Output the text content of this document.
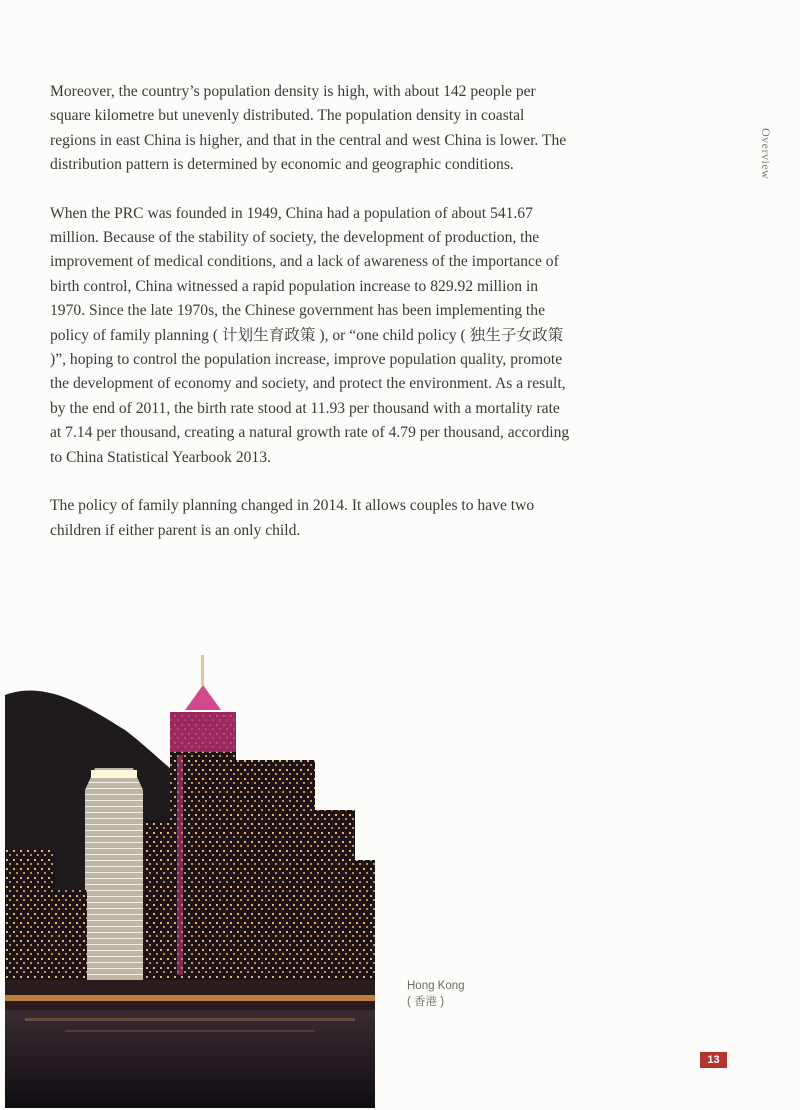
Overview

Moreover, the country’s population density is high, with about 142 people per square kilometre but unevenly distributed. The population density in coastal regions in east China is higher, and that in the central and west China is lower. The distribution pattern is determined by economic and geographic conditions.

When the PRC was founded in 1949, China had a population of about 541.67 million. Because of the stability of society, the development of production, the improvement of medical conditions, and a lack of awareness of the importance of birth control, China witnessed a rapid population increase to 829.92 million in 1970. Since the late 1970s, the Chinese government has been implementing the policy of family planning ( 计划生育政策 ), or “one child policy ( 独生子女政策 )”, hoping to control the population increase, improve population quality, promote the development of economy and society, and protect the environment. As a result, by the end of 2011, the birth rate stood at 11.93 per thousand with a mortality rate at 7.14 per thousand, creating a natural growth rate of 4.79 per thousand, according to China Statistical Yearbook 2013.

The policy of family planning changed in 2014. It allows couples to have two children if either parent is an only child.

Hong Kong
( 香港 )
13
